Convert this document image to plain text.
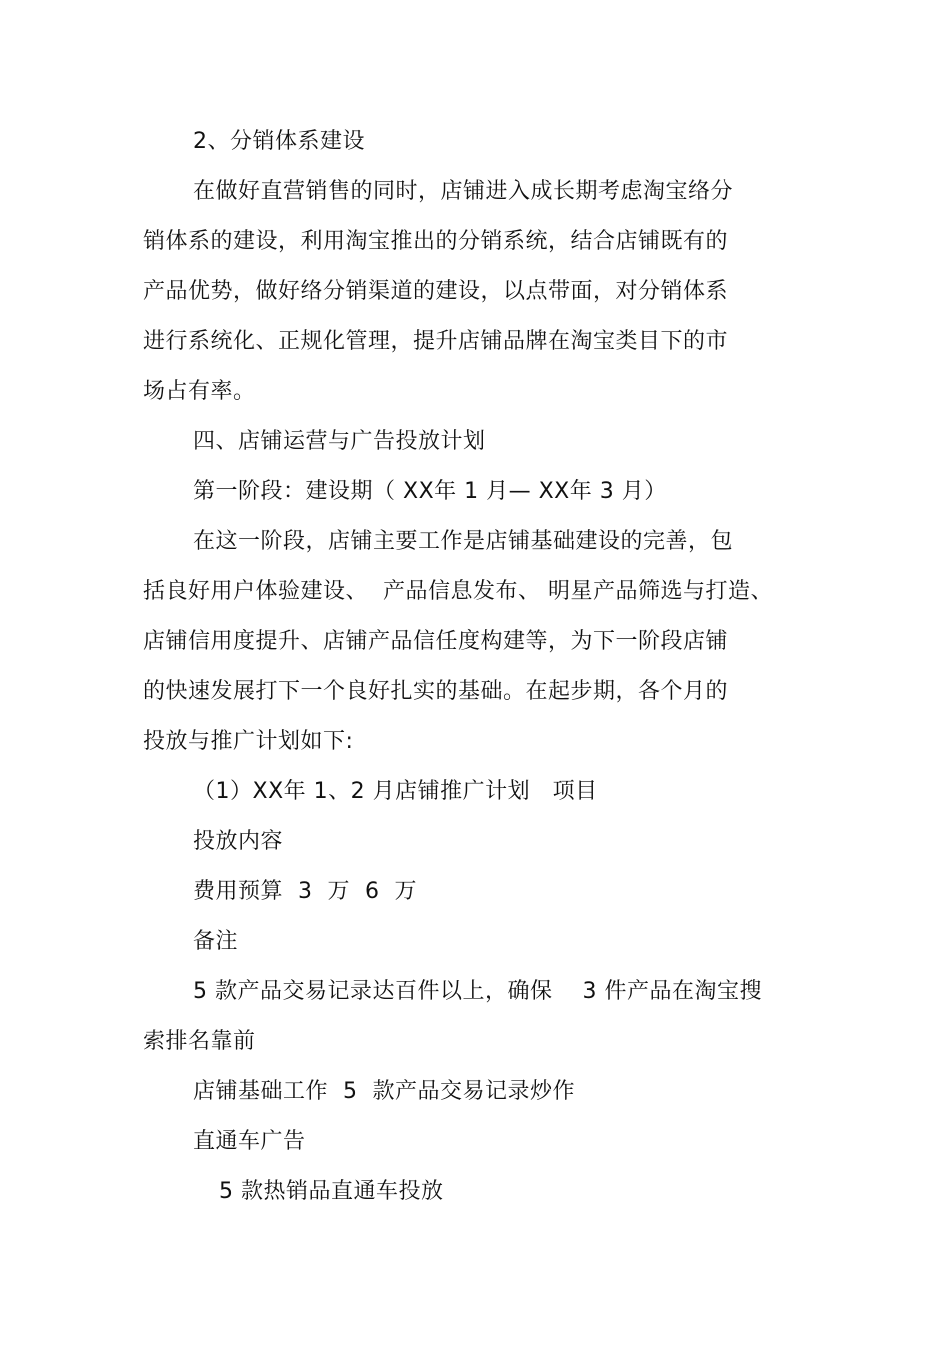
2、分销体系建设
在做好直营销售的同时，店铺进入成长期考虑淘宝络分
销体系的建设，利用淘宝推出的分销系统，结合店铺既有的
产品优势，做好络分销渠道的建设，以点带面，对分销体系
进行系统化、正规化管理，提升店铺品牌在淘宝类目下的市
场占有率。
四、店铺运营与广告投放计划
第一阶段：建设期（ XX年 1 月— XX年 3 月）
在这一阶段，店铺主要工作是店铺基础建设的完善，包
括良好用户体验建设、  产品信息发布、 明星产品筛选与打造、
店铺信用度提升、店铺产品信任度构建等，为下一阶段店铺
的快速发展打下一个良好扎实的基础。在起步期，各个月的
投放与推广计划如下:
（1）XX年 1、2 月店铺推广计划   项目
投放内容
费用预算  3  万  6  万
备注
5 款产品交易记录达百件以上，确保    3 件产品在淘宝搜
索排名靠前
店铺基础工作  5  款产品交易记录炒作
直通车广告
5 款热销品直通车投放
